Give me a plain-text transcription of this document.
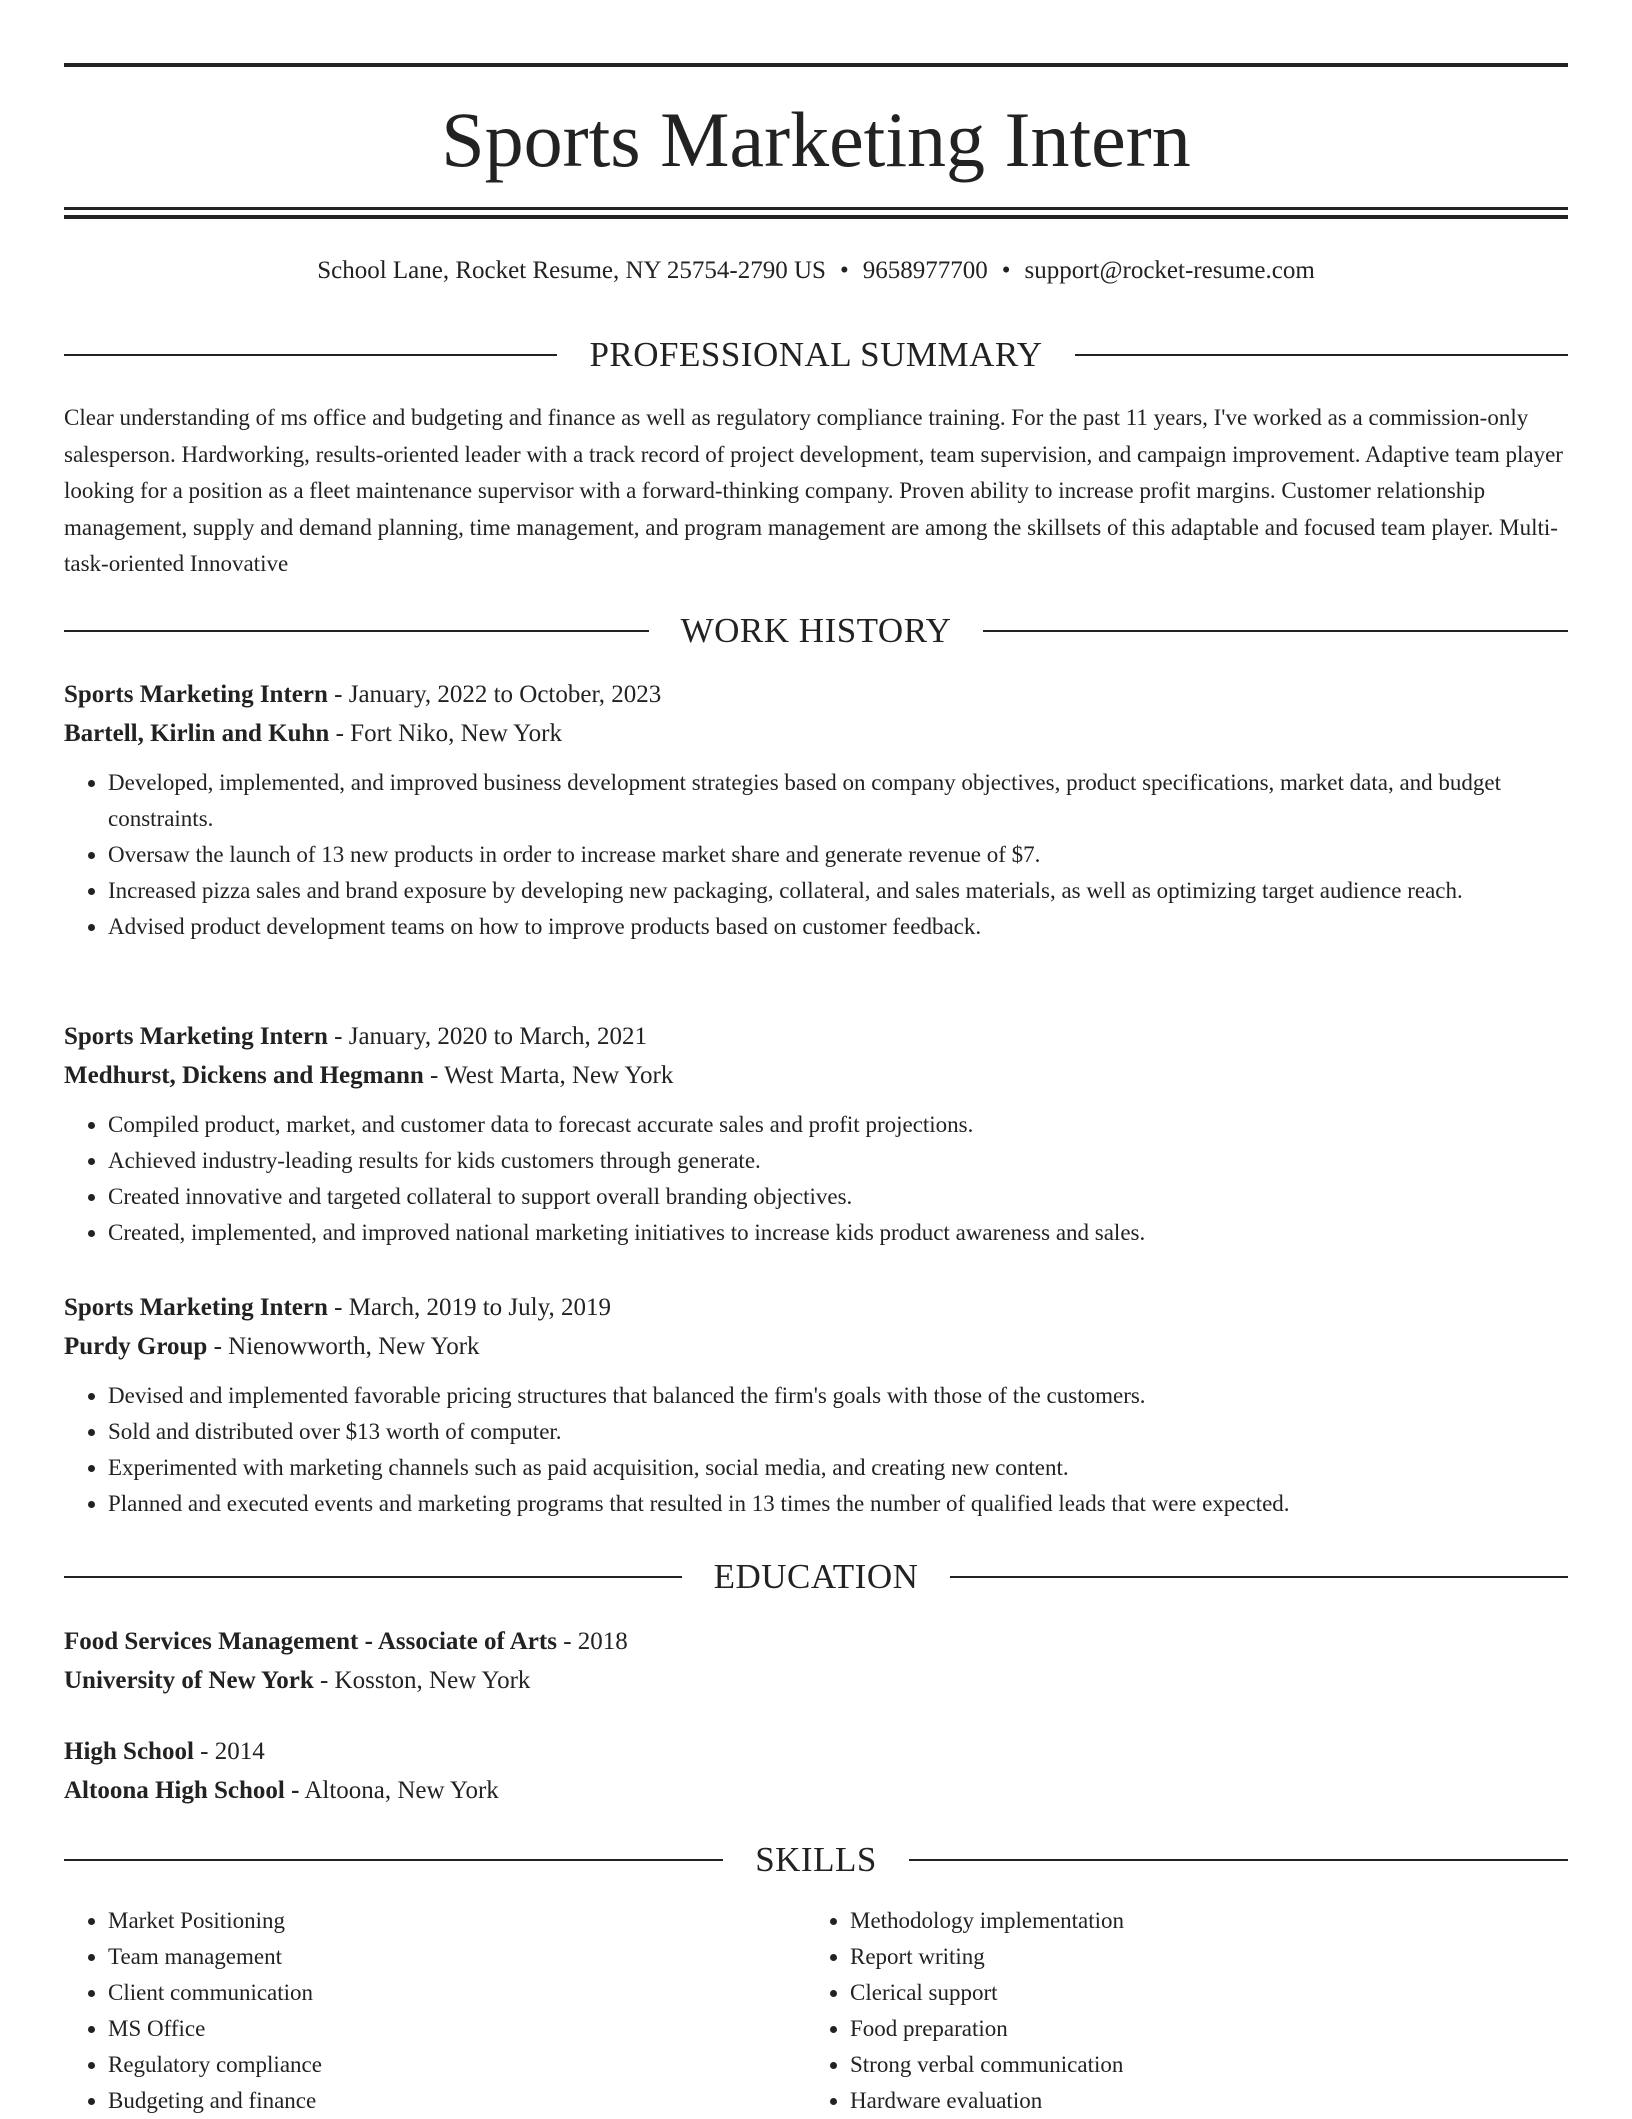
Sports Marketing Intern
School Lane, Rocket Resume, NY 25754-2790 US • 9658977700 • support@rocket-resume.com
PROFESSIONAL SUMMARY

Clear understanding of ms office and budgeting and finance as well as regulatory compliance training. For the past 11 years, I've worked as a commission-only salesperson. Hardworking, results-oriented leader with a track record of project development, team supervision, and campaign improvement. Adaptive team player looking for a position as a fleet maintenance supervisor with a forward-thinking company. Proven ability to increase profit margins. Customer relationship management, supply and demand planning, time management, and program management are among the skillsets of this adaptable and focused team player. Multi-task-oriented Innovative

WORK HISTORY
Sports Marketing Intern - January, 2022 to October, 2023
Bartell, Kirlin and Kuhn - Fort Niko, New York
• Developed, implemented, and improved business development strategies based on company objectives, product specifications, market data, and budget constraints.
• Oversaw the launch of 13 new products in order to increase market share and generate revenue of $7.
• Increased pizza sales and brand exposure by developing new packaging, collateral, and sales materials, as well as optimizing target audience reach.
• Advised product development teams on how to improve products based on customer feedback.
Sports Marketing Intern - January, 2020 to March, 2021
Medhurst, Dickens and Hegmann - West Marta, New York
• Compiled product, market, and customer data to forecast accurate sales and profit projections.
• Achieved industry-leading results for kids customers through generate.
• Created innovative and targeted collateral to support overall branding objectives.
• Created, implemented, and improved national marketing initiatives to increase kids product awareness and sales.
Sports Marketing Intern - March, 2019 to July, 2019
Purdy Group - Nienowworth, New York
• Devised and implemented favorable pricing structures that balanced the firm's goals with those of the customers.
• Sold and distributed over $13 worth of computer.
• Experimented with marketing channels such as paid acquisition, social media, and creating new content.
• Planned and executed events and marketing programs that resulted in 13 times the number of qualified leads that were expected.
EDUCATION
Food Services Management - Associate of Arts - 2018
University of New York - Kosston, New York
High School - 2014
Altoona High School - Altoona, New York
SKILLS
• Market Positioning
• Team management
• Client communication
• MS Office
• Regulatory compliance
• Budgeting and finance
• Methodology implementation
• Report writing
• Clerical support
• Food preparation
• Strong verbal communication
• Hardware evaluation
